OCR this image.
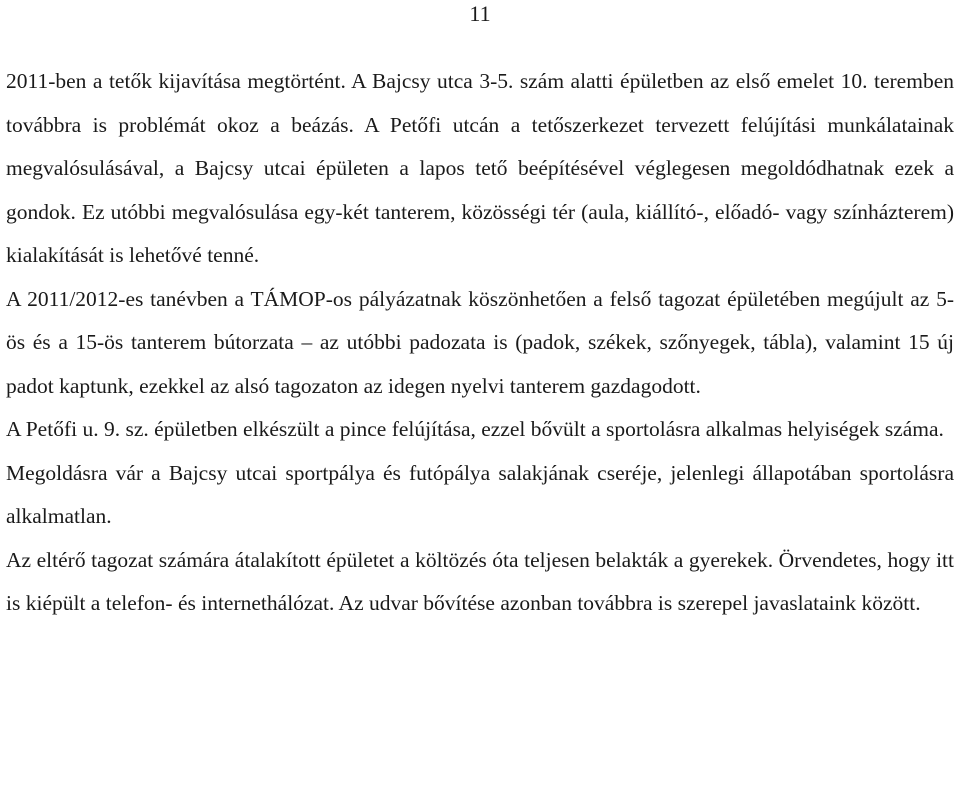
11

2011-ben a tetők kijavítása megtörtént. A Bajcsy utca 3-5. szám alatti épületben az első emelet 10. teremben továbbra is problémát okoz a beázás. A Petőfi utcán a tetőszerkezet tervezett felújítási munkálatainak megvalósulásával, a Bajcsy utcai épületen a lapos tető beépítésével véglegesen megoldódhatnak ezek a gondok. Ez utóbbi megvalósulása egy-két tanterem, közösségi tér (aula, kiállító-, előadó- vagy színházterem) kialakítását is lehetővé tenné.

A 2011/2012-es tanévben a TÁMOP-os pályázatnak köszönhetően a felső tagozat épületében megújult az 5-ös és a 15-ös tanterem bútorzata – az utóbbi padozata is (padok, székek, szőnyegek, tábla), valamint 15 új padot kaptunk, ezekkel az alsó tagozaton az idegen nyelvi tanterem gazdagodott.

A Petőfi u. 9. sz. épületben elkészült a pince felújítása, ezzel bővült a sportolásra alkalmas helyiségek száma.

Megoldásra vár a Bajcsy utcai sportpálya és futópálya salakjának cseréje, jelenlegi állapotában sportolásra alkalmatlan.

Az eltérő tagozat számára átalakított épületet a költözés óta teljesen belakták a gyerekek. Örvendetes, hogy itt is kiépült a telefon- és internethálózat. Az udvar bővítése azonban továbbra is szerepel javaslataink között.
